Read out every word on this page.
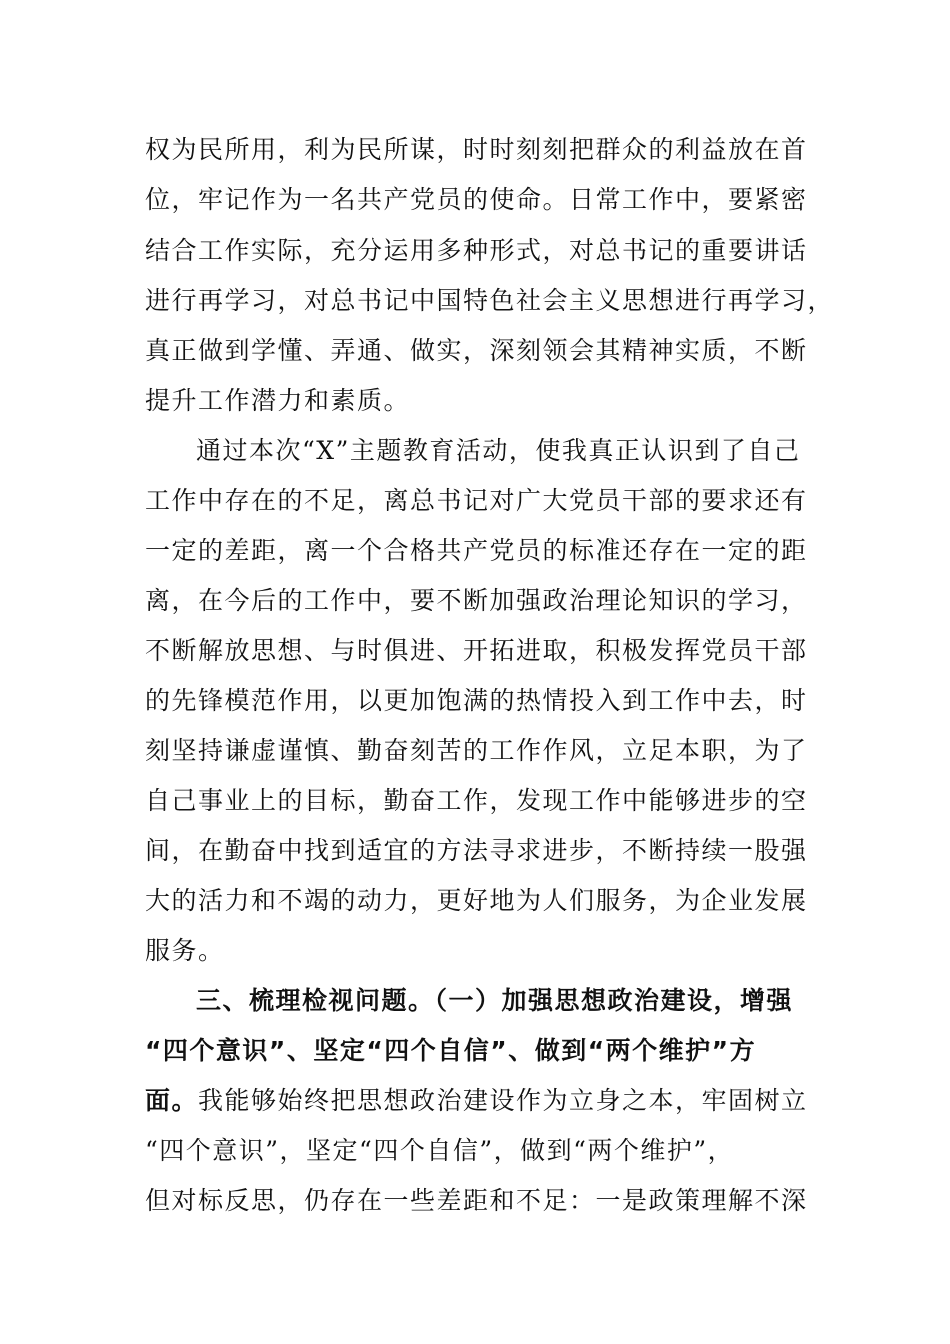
权为民所用，利为民所谋，时时刻刻把群众的利益放在首
位，牢记作为一名共产党员的使命。日常工作中，要紧密
结合工作实际，充分运用多种形式，对总书记的重要讲话
进行再学习，对总书记中国特色社会主义思想进行再学习，
真正做到学懂、弄通、做实，深刻领会其精神实质，不断
提升工作潜力和素质。
通过本次“X”主题教育活动，使我真正认识到了自己
工作中存在的不足，离总书记对广大党员干部的要求还有
一定的差距，离一个合格共产党员的标准还存在一定的距
离，在今后的工作中，要不断加强政治理论知识的学习，
不断解放思想、与时俱进、开拓进取，积极发挥党员干部
的先锋模范作用，以更加饱满的热情投入到工作中去，时
刻坚持谦虚谨慎、勤奋刻苦的工作作风，立足本职，为了
自己事业上的目标，勤奋工作，发现工作中能够进步的空
间，在勤奋中找到适宜的方法寻求进步，不断持续一股强
大的活力和不竭的动力，更好地为人们服务，为企业发展
服务。
三、梳理检视问题。（一）加强思想政治建设，增强
“四个意识”、坚定“四个自信”、做到“两个维护”方
面。我能够始终把思想政治建设作为立身之本，牢固树立
“四个意识”，坚定“四个自信”，做到“两个维护”，
但对标反思，仍存在一些差距和不足：一是政策理解不深
